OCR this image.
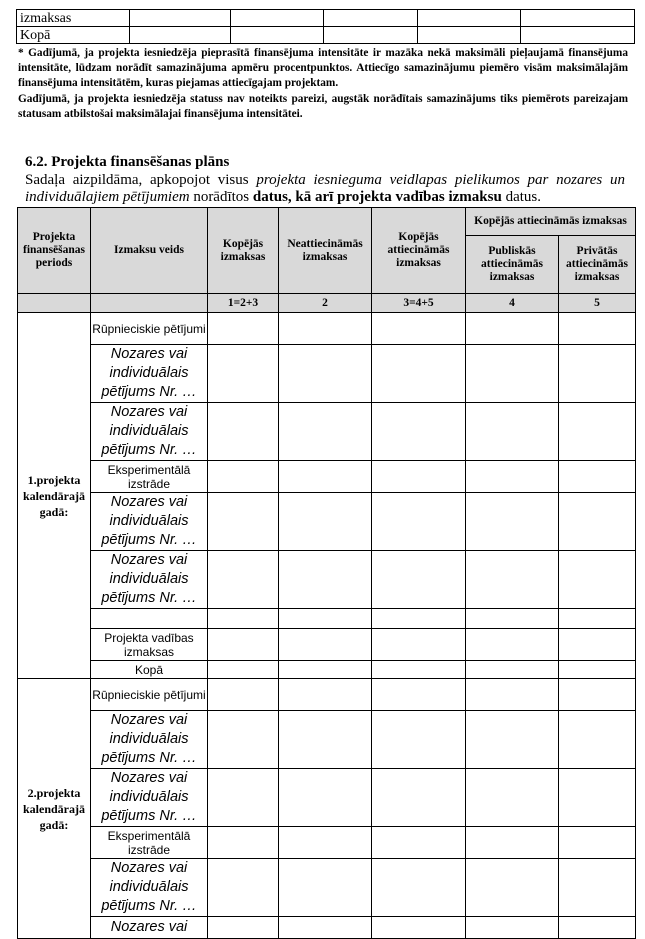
izmaksas					
Kopā					

* Gadījumā, ja projekta iesniedzēja pieprasītā finansējuma intensitāte ir mazāka nekā maksimāli pieļaujamā finansējuma intensitāte, lūdzam norādīt samazinājuma apmēru procentpunktos. Attiecīgo samazinājumu piemēro visām maksimālajām finansējuma intensitātēm, kuras piejamas attiecīgajam projektam.

Gadījumā, ja projekta iesniedzēja statuss nav noteikts pareizi, augstāk norādītais samazinājums tiks piemērots pareizajam statusam atbilstošai maksimālajai finansējuma intensitātei.

6.2. Projekta finansēšanas plāns
Sadaļa aizpildāma, apkopojot visus projekta iesnieguma veidlapas pielikumos par nozares un individuālajiem pētījumiem norādītos datus, kā arī projekta vadības izmaksu datus.
Projekta finansēšanas periods	Izmaksu veids	Kopējās izmaksas	Neattiecināmās izmaksas	Kopējās attiecināmās izmaksas	Kopējās attiecināmās izmaksas	
					Publiskās attiecināmās izmaksas	Privātās attiecināmās izmaksas
		1=2+3	2	3=4+5	4	5
1.projekta kalendārajā gadā:	Rūpnieciskie pētījumi					
	Nozares vai individuālais pētījums Nr. …					
	Nozares vai individuālais pētījums Nr. …					
	Eksperimentālā izstrāde					
	Nozares vai individuālais pētījums Nr. …					
	Nozares vai individuālais pētījums Nr. …					

	Projekta vadības izmaksas					
	Kopā					
2.projekta kalendārajā gadā:	Rūpnieciskie pētījumi					
	Nozares vai individuālais pētījums Nr. …					
	Nozares vai individuālais pētījums Nr. …					
	Eksperimentālā izstrāde					
	Nozares vai individuālais pētījums Nr. …					
	Nozares vai					
